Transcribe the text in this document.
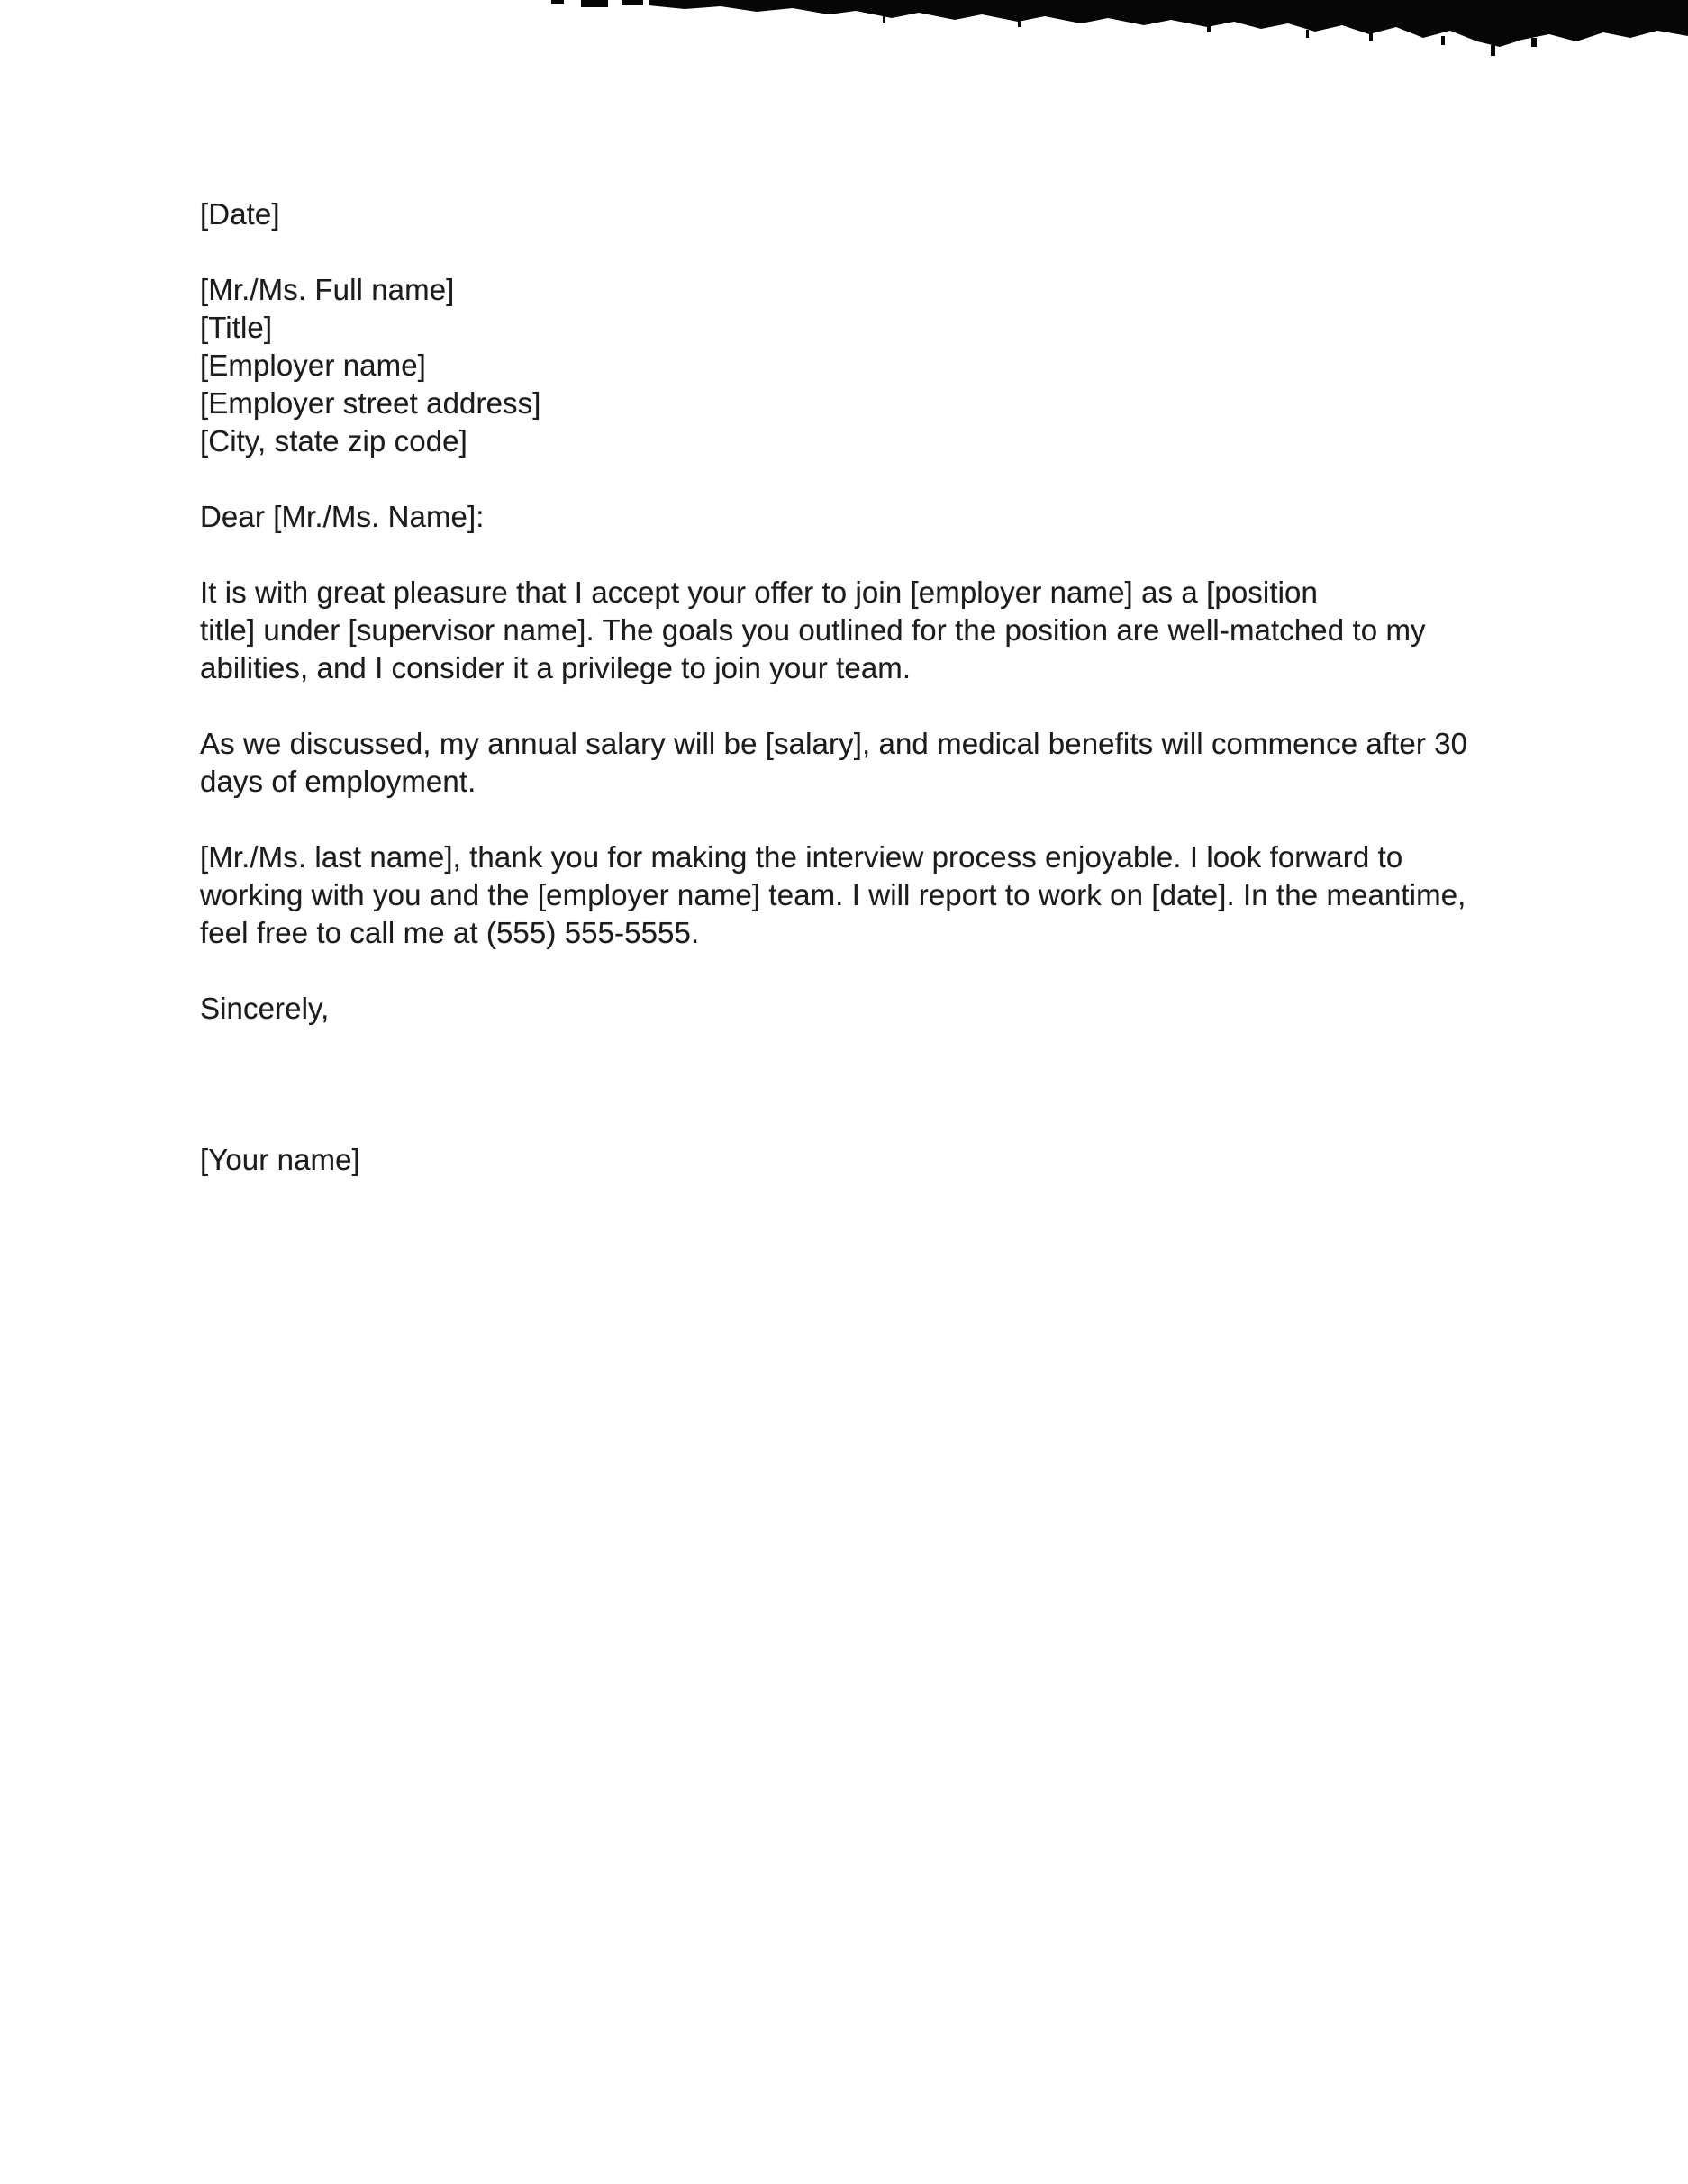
[Date]
[Mr./Ms. Full name]
[Title]
[Employer name]
[Employer street address]
[City, state zip code]
Dear [Mr./Ms. Name]:
It is with great pleasure that I accept your offer to join [employer name] as a [position
title] under [supervisor name]. The goals you outlined for the position are well-matched to my
abilities, and I consider it a privilege to join your team.
As we discussed, my annual salary will be [salary], and medical benefits will commence after 30
days of employment.
[Mr./Ms. last name], thank you for making the interview process enjoyable. I look forward to
working with you and the [employer name] team. I will report to work on [date]. In the meantime,
feel free to call me at (555) 555-5555.
Sincerely,
[Your name]
